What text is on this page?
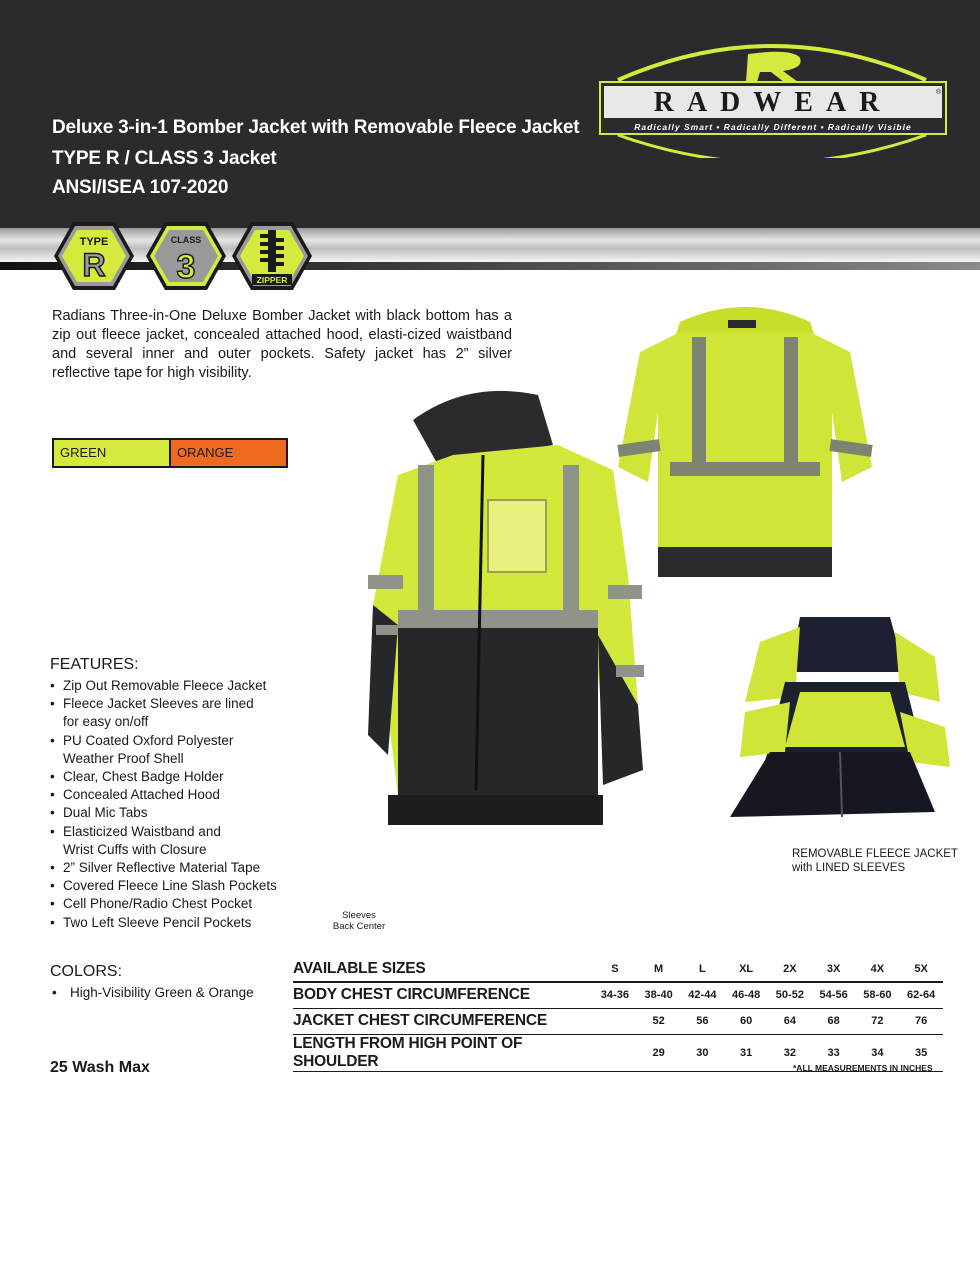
Deluxe 3-in-1 Bomber Jacket with Removable Fleece Jacket
TYPE R / CLASS 3 Jacket
ANSI/ISEA 107-2020
RADWEAR	®
Radically Smart • Radically Different • Radically Visible
TYPE
R
CLASS
3	ZIPPER

Radians Three-in-One Deluxe Bomber Jacket with black bottom has a zip out fleece jacket, concealed attached hood, elasti-cized waistband and several inner and outer pockets. Safety jacket has 2” silver reflective tape for high visibility.

GREEN	ORANGE
REMOVABLE FLEECE JACKET
with LINED SLEEVES
Sleeves
Back Center
FEATURES:
• Zip Out Removable Fleece Jacket
• Fleece Jacket Sleeves are lined
for easy on/off
• PU Coated Oxford Polyester
Weather Proof Shell
• Clear, Chest Badge Holder
• Concealed Attached Hood
• Dual Mic Tabs
• Elasticized Waistband and
Wrist Cuffs with Closure
• 2” Silver Reflective Material Tape
• Covered Fleece Line Slash Pockets
• Cell Phone/Radio Chest Pocket
• Two Left Sleeve Pencil Pockets
COLORS:
• High-Visibility Green & Orange
25 Wash Max
AVAILABLE SIZES	S	M	L	XL	2X	3X	4X	5X
BODY CHEST CIRCUMFERENCE	34-36	38-40	42-44	46-48	50-52	54-56	58-60	62-64
JACKET CHEST CIRCUMFERENCE		52	56	60	64	68	72	76
LENGTH FROM HIGH POINT OF SHOULDER		29	30	31	32	33	34	35
*ALL MEASUREMENTS IN INCHES
